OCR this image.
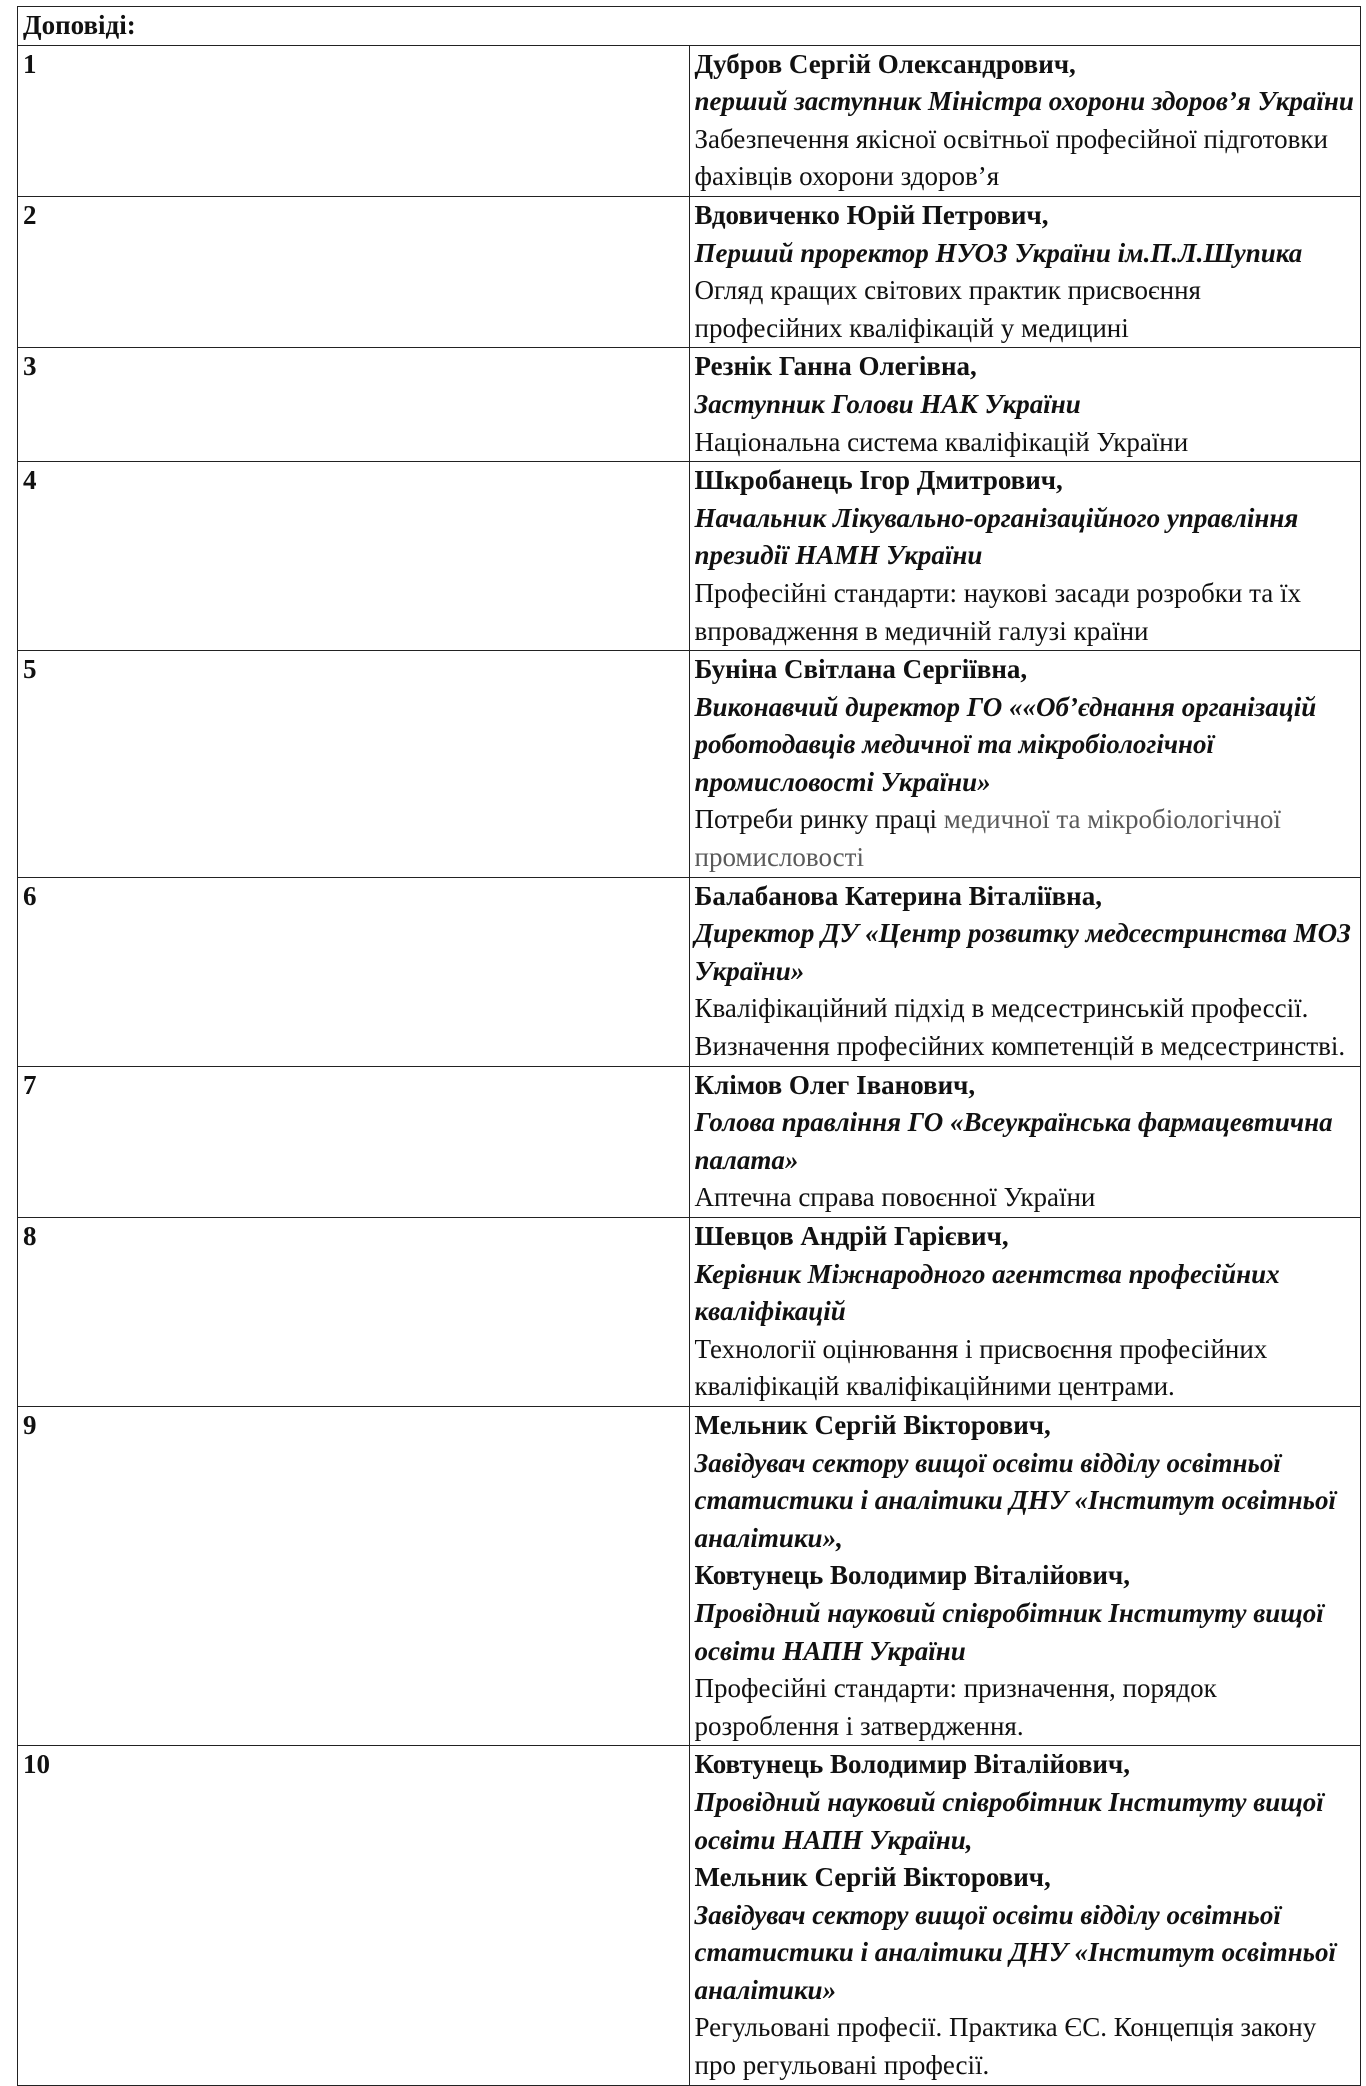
Доповіді:	
1	Дубров Сергій Олександрович,
перший заступник Міністра охорони здоров’я України
Забезпечення якісної освітньої професійної підготовки фахівців охорони здоров’я

2	Вдовиченко Юрій Петрович,
Перший проректор НУОЗ України ім.П.Л.Шупика
Огляд кращих світових практик присвоєння професійних кваліфікацій у медицині

3	Резнік Ганна Олегівна,
Заступник Голови НАК України
Національна система кваліфікацій України

4	Шкробанець Ігор Дмитрович,
Начальник Лікувально-організаційного управління президії НАМН України
Професійні стандарти: наукові засади розробки та їх впровадження в медичній галузі країни

5	Буніна Світлана Сергіївна,
Виконавчий директор ГО ««Об’єднання організацій роботодавців медичної та мікробіологічної промисловості України»
Потреби ринку праці медичної та мікробіологічної промисловості

6	Балабанова Катерина Віталіївна,
Директор ДУ «Центр розвитку медсестринства МОЗ України»
Кваліфікаційний підхід в медсестринській профессії. Визначення професійних компетенцій в медсестринстві.

7	Клімов Олег Іванович,
Голова правління ГО «Всеукраїнська фармацевтична палата»
Аптечна справа повоєнної України

8	Шевцов Андрій Гарієвич,
Керівник Міжнародного агентства професійних кваліфікацій
Технології оцінювання і присвоєння професійних кваліфікацій кваліфікаційними центрами.

9	Мельник Сергій Вікторович,
Завідувач сектору вищої освіти відділу освітньої статистики і аналітики ДНУ «Інститут освітньої аналітики»,
Ковтунець Володимир Віталійович,
Провідний науковий співробітник Інституту вищої освіти НАПН України
Професійні стандарти: призначення, порядок розроблення і затвердження.

10	Ковтунець Володимир Віталійович,
Провідний науковий співробітник Інституту вищої освіти НАПН України,
Мельник Сергій Вікторович,
Завідувач сектору вищої освіти відділу освітньої статистики і аналітики ДНУ «Інститут освітньої аналітики»
Регульовані професії. Практика ЄС. Концепція закону про регульовані професії.
